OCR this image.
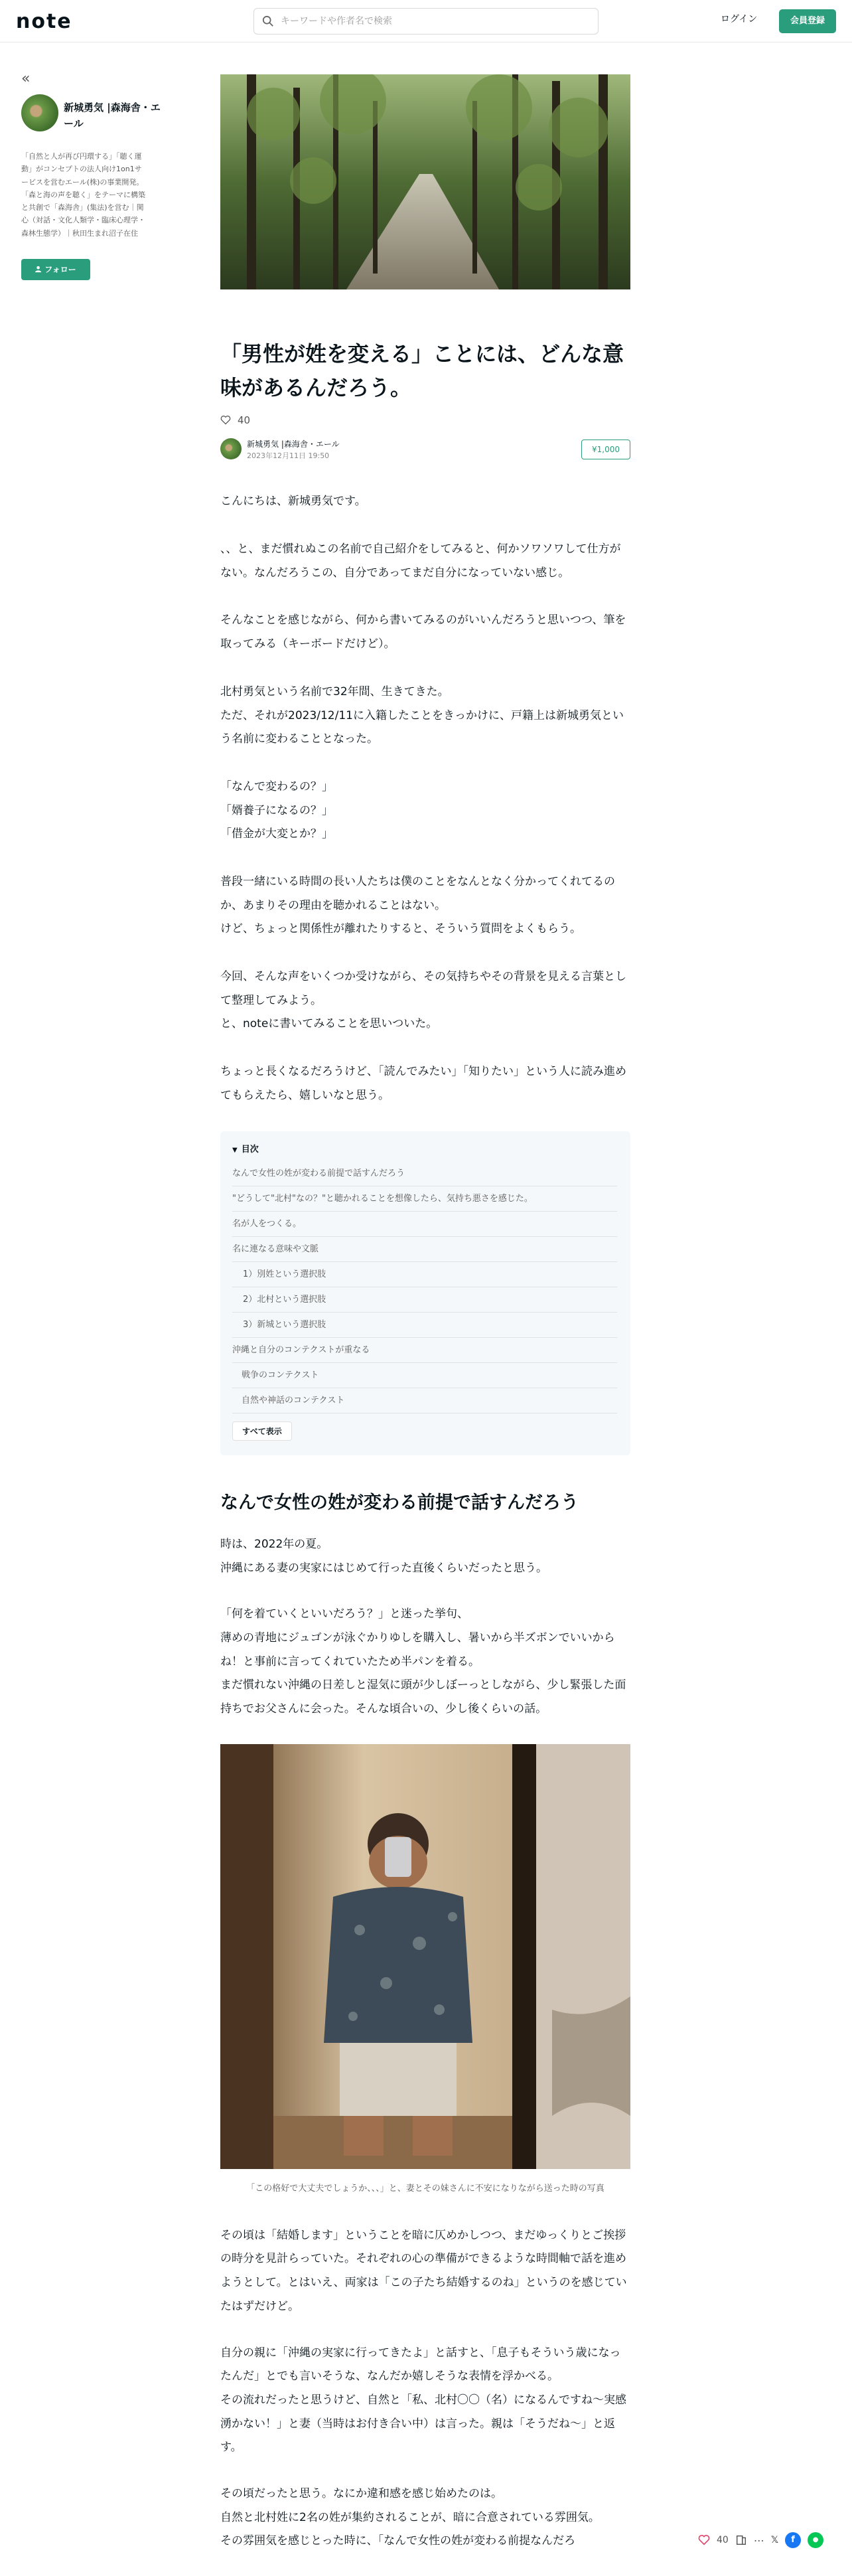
note
キーワードや作者名で検索	ログイン	会員登録
«
新城勇気 |森海舎・エール
「自然と人が再び円環する」「聴く運動」がコンセプトの法人向け1on1サービスを営むエール(株)の事業開発。「森と海の声を聴く」をテーマに構築と共創で「森海舎」(集法)を営む｜関心（対話・文化人類学・臨床心理学・森林生態学）｜秋田生まれ沼子在住
フォロー
「男性が姓を変える」ことには、どんな意味があるんだろう。
40
新城勇気 |森海舎・エール
2023年12月11日 19:50
¥1,000

こんにちは、新城勇気です。

、、と、まだ慣れぬこの名前で自己紹介をしてみると、何かソワソワして仕方がない。なんだろうこの、自分であってまだ自分になっていない感じ。

そんなことを感じながら、何から書いてみるのがいいんだろうと思いつつ、筆を取ってみる（キーボードだけど）。

北村勇気という名前で32年間、生きてきた。
ただ、それが2023/12/11に入籍したことをきっかけに、戸籍上は新城勇気という名前に変わることとなった。

「なんで変わるの？」
「婿養子になるの？」
「借金が大変とか？」

普段一緒にいる時間の長い人たちは僕のことをなんとなく分かってくれてるのか、あまりその理由を聴かれることはない。
けど、ちょっと関係性が離れたりすると、そういう質問をよくもらう。

今回、そんな声をいくつか受けながら、その気持ちやその背景を見える言葉として整理してみよう。
と、noteに書いてみることを思いついた。

ちょっと長くなるだろうけど、「読んでみたい」「知りたい」という人に読み進めてもらえたら、嬉しいなと思う。

▼ 目次
なんで女性の姓が変わる前提で話すんだろう
"どうして"北村"なの？"と聴かれることを想像したら、気持ち悪さを感じた。
名が人をつくる。
名に連なる意味や文脈
1）別姓という選択肢
2）北村という選択肢
3）新城という選択肢
沖縄と自分のコンテクストが重なる
戦争のコンテクスト
自然や神話のコンテクスト
すべて表示
なんで女性の姓が変わる前提で話すんだろう

時は、2022年の夏。
沖縄にある妻の実家にはじめて行った直後くらいだったと思う。

「何を着ていくといいだろう？」と迷った挙句、
薄めの青地にジュゴンが泳ぐかりゆしを購入し、暑いから半ズボンでいいからね！と事前に言ってくれていたため半パンを着る。
まだ慣れない沖縄の日差しと湿気に頭が少しぼーっとしながら、少し緊張した面持ちでお父さんに会った。そんな頃合いの、少し後くらいの話。

「この格好で大丈夫でしょうか、、、」と、妻とその妹さんに不安になりながら送った時の写真

その頃は「結婚します」ということを暗に仄めかしつつ、まだゆっくりとご挨拶の時分を見計らっていた。それぞれの心の準備ができるような時間軸で話を進めようとして。とはいえ、両家は「この子たち結婚するのね」というのを感じていたはずだけど。

自分の親に「沖縄の実家に行ってきたよ」と話すと、「息子もそういう歳になったんだ」とでも言いそうな、なんだか嬉しそうな表情を浮かべる。
その流れだったと思うけど、自然と「私、北村〇〇（名）になるんですね〜実感湧かない！」と妻（当時はお付き合い中）は言った。親は「そうだね〜」と返す。

その頃だったと思う。なにか違和感を感じ始めたのは。
自然と北村姓に2名の姓が集約されることが、暗に合意されている雰囲気。
その雰囲気を感じとった時に、「なんで女性の姓が変わる前提なんだろ	40 ⋯ 𝕏	f	●
